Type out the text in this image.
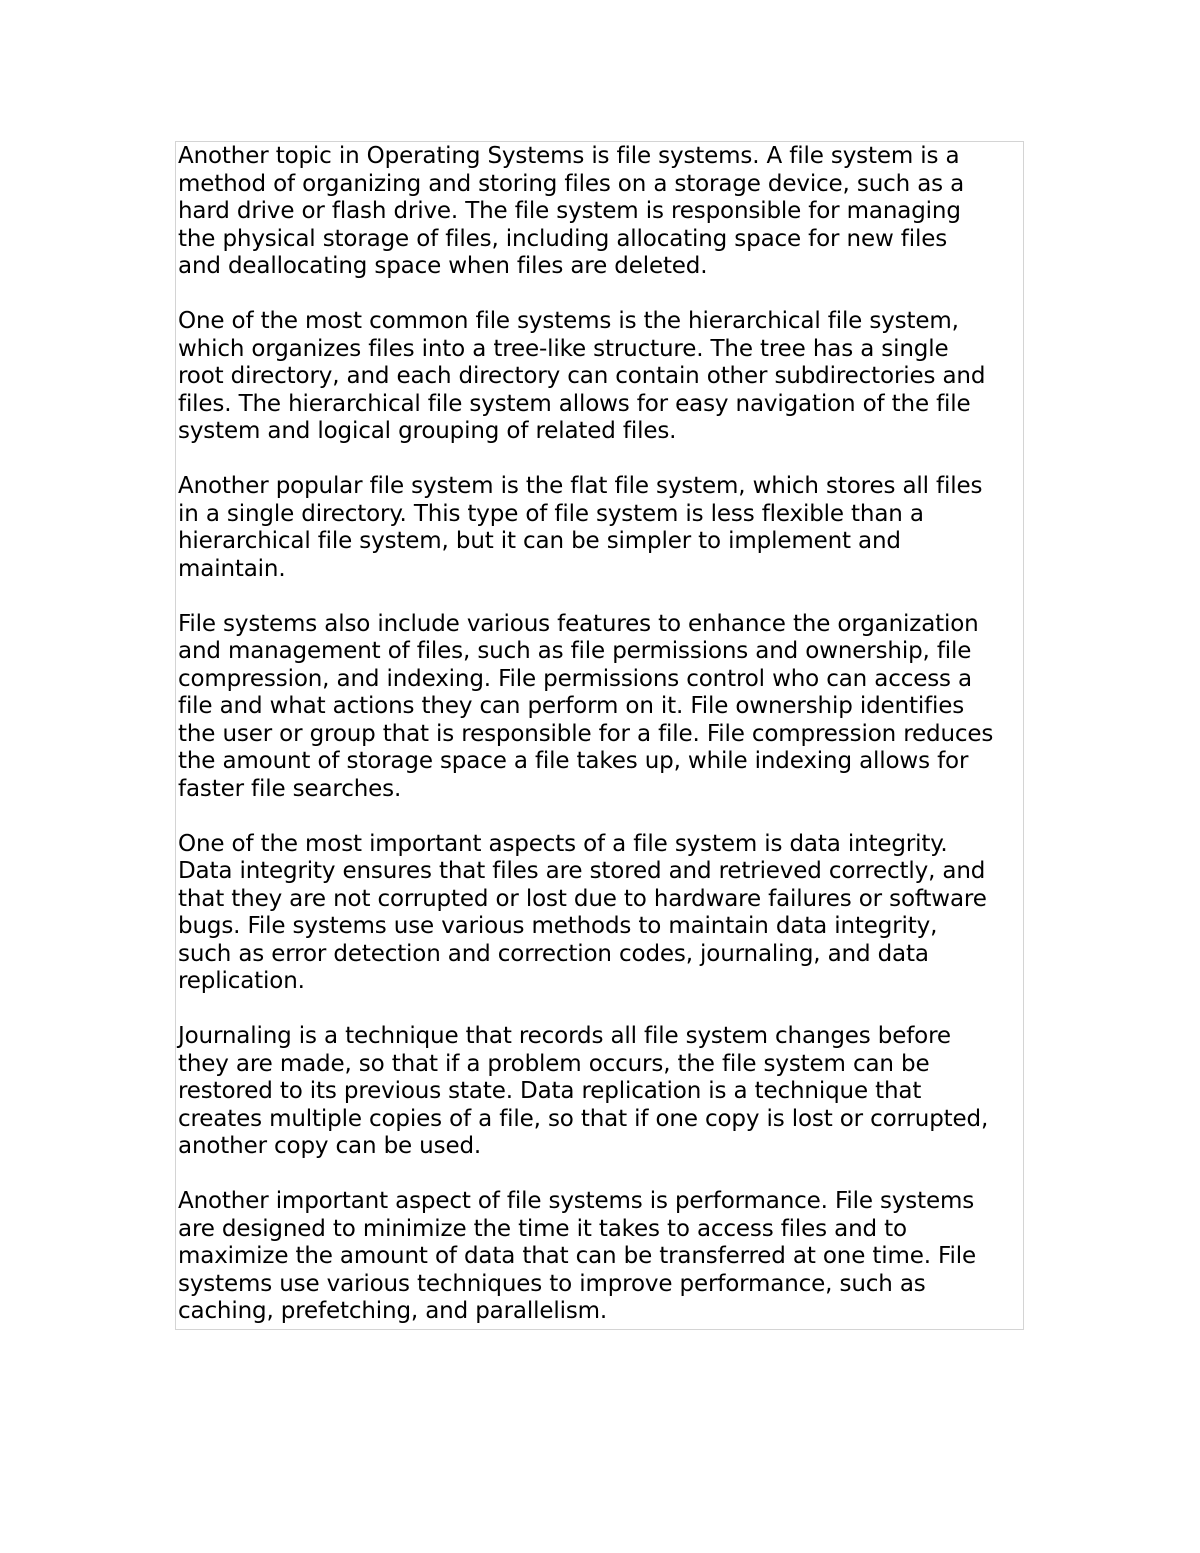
Another topic in Operating Systems is file systems. A file system is a
method of organizing and storing files on a storage device, such as a
hard drive or flash drive. The file system is responsible for managing
the physical storage of files, including allocating space for new files
and deallocating space when files are deleted.

One of the most common file systems is the hierarchical file system,
which organizes files into a tree-like structure. The tree has a single
root directory, and each directory can contain other subdirectories and
files. The hierarchical file system allows for easy navigation of the file
system and logical grouping of related files.

Another popular file system is the flat file system, which stores all files
in a single directory. This type of file system is less flexible than a
hierarchical file system, but it can be simpler to implement and
maintain.

File systems also include various features to enhance the organization
and management of files, such as file permissions and ownership, file
compression, and indexing. File permissions control who can access a
file and what actions they can perform on it. File ownership identifies
the user or group that is responsible for a file. File compression reduces
the amount of storage space a file takes up, while indexing allows for
faster file searches.

One of the most important aspects of a file system is data integrity.
Data integrity ensures that files are stored and retrieved correctly, and
that they are not corrupted or lost due to hardware failures or software
bugs. File systems use various methods to maintain data integrity,
such as error detection and correction codes, journaling, and data
replication.

Journaling is a technique that records all file system changes before
they are made, so that if a problem occurs, the file system can be
restored to its previous state. Data replication is a technique that
creates multiple copies of a file, so that if one copy is lost or corrupted,
another copy can be used.

Another important aspect of file systems is performance. File systems
are designed to minimize the time it takes to access files and to
maximize the amount of data that can be transferred at one time. File
systems use various techniques to improve performance, such as
caching, prefetching, and parallelism.
